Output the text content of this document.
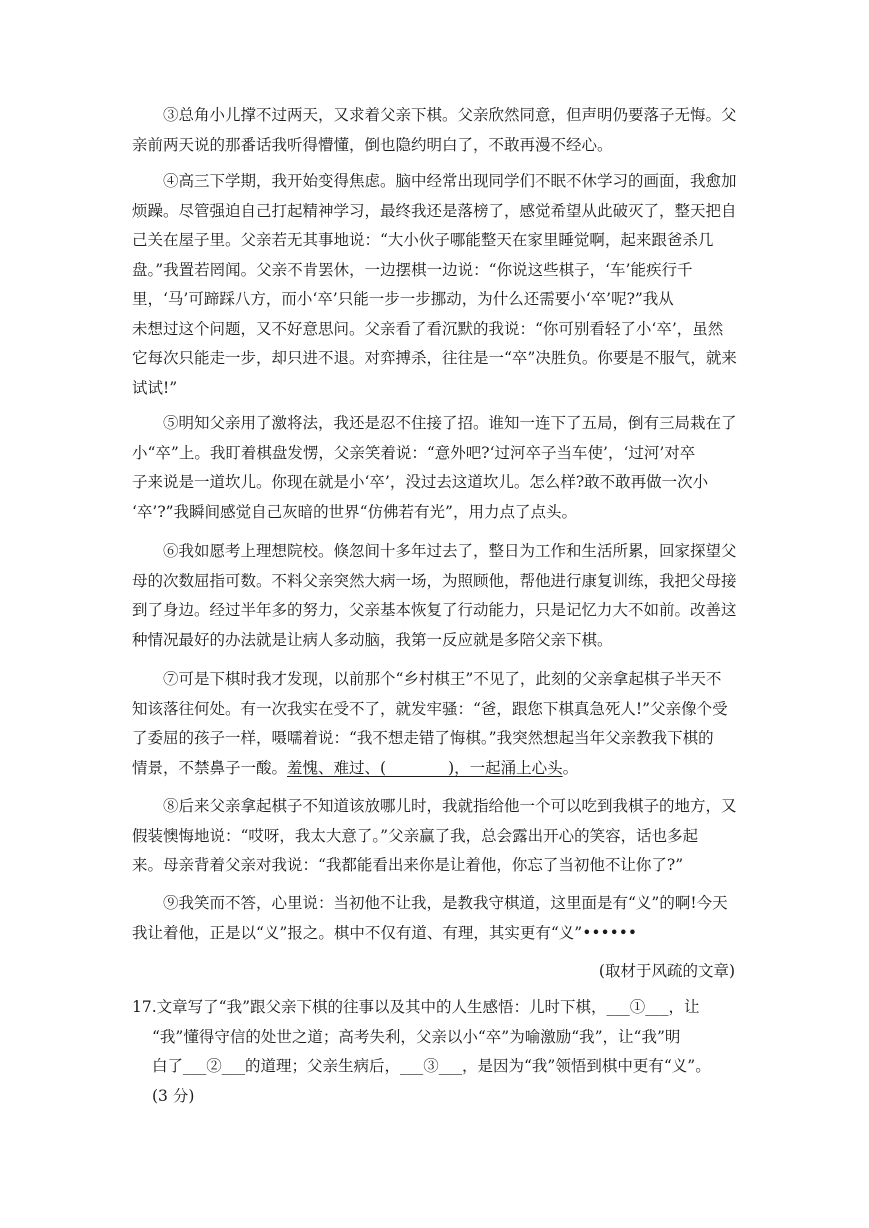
③总角小儿撑不过两天，又求着父亲下棋。父亲欣然同意，但声明仍要落子无悔。父
亲前两天说的那番话我听得懵懂，倒也隐约明白了，不敢再漫不经心。
④高三下学期，我开始变得焦虑。脑中经常出现同学们不眠不休学习的画面，我愈加
烦躁。尽管强迫自己打起精神学习，最终我还是落榜了，感觉希望从此破灭了，整天把自
己关在屋子里。父亲若无其事地说：“大小伙子哪能整天在家里睡觉啊，起来跟爸杀几
盘。”我置若罔闻。父亲不肯罢休，一边摆棋一边说：“你说这些棋子，‘车’能疾行千
里，‘马’可蹄踩八方，而小‘卒’只能一步一步挪动，为什么还需要小‘卒’呢?”我从
未想过这个问题，又不好意思问。父亲看了看沉默的我说：“你可别看轻了小‘卒’，虽然
它每次只能走一步，却只进不退。对弈搏杀，往往是一“卒”决胜负。你要是不服气，就来
试试!”
⑤明知父亲用了激将法，我还是忍不住接了招。谁知一连下了五局，倒有三局栽在了
小“卒”上。我盯着棋盘发愣，父亲笑着说：“意外吧?‘过河卒子当车使’，‘过河’对卒
子来说是一道坎儿。你现在就是小‘卒’，没过去这道坎儿。怎么样?敢不敢再做一次小
‘卒’?”我瞬间感觉自己灰暗的世界“仿佛若有光”，用力点了点头。
⑥我如愿考上理想院校。倏忽间十多年过去了，整日为工作和生活所累，回家探望父
母的次数屈指可数。不料父亲突然大病一场，为照顾他，帮他进行康复训练，我把父母接
到了身边。经过半年多的努力，父亲基本恢复了行动能力，只是记忆力大不如前。改善这
种情况最好的办法就是让病人多动脑，我第一反应就是多陪父亲下棋。
⑦可是下棋时我才发现，以前那个“乡村棋王”不见了，此刻的父亲拿起棋子半天不
知该落往何处。有一次我实在受不了，就发牢骚：“爸，跟您下棋真急死人!”父亲像个受
了委屈的孩子一样，嗫嚅着说：“我不想走错了悔棋。”我突然想起当年父亲教我下棋的
情景，不禁鼻子一酸。羞愧、难过、(　　　　)，一起涌上心头。
⑧后来父亲拿起棋子不知道该放哪儿时，我就指给他一个可以吃到我棋子的地方，又
假装懊悔地说：“哎呀，我太大意了。”父亲赢了我，总会露出开心的笑容，话也多起
来。母亲背着父亲对我说：“我都能看出来你是让着他，你忘了当初他不让你了?”
⑨我笑而不答，心里说：当初他不让我，是教我守棋道，这里面是有“义”的啊!今天
我让着他，正是以“义”报之。棋中不仅有道、有理，其实更有“义”••••••
(取材于风疏的文章)
17.文章写了“我”跟父亲下棋的往事以及其中的人生感悟：儿时下棋，___①___，让
“我”懂得守信的处世之道；高考失利，父亲以小“卒”为喻激励“我”，让“我”明
白了___②___的道理；父亲生病后，___③___，是因为“我”领悟到棋中更有“义”。
(3 分)
